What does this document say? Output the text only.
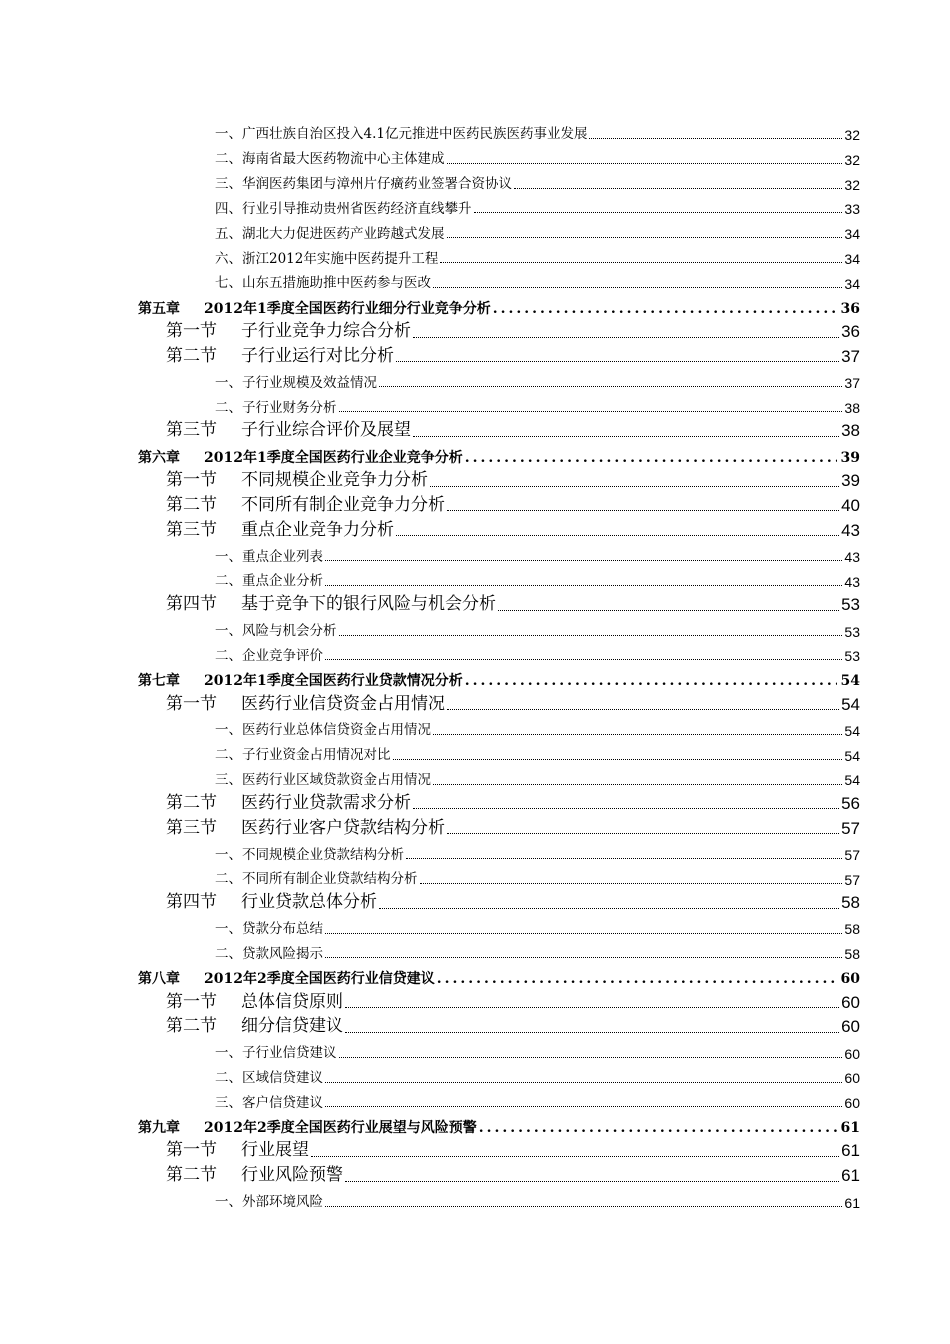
一、广西壮族自治区投入4.1亿元推进中医药民族医药事业发展	32
二、海南省最大医药物流中心主体建成	32
三、华润医药集团与漳州片仔癀药业签署合资协议	32
四、行业引导推动贵州省医药经济直线攀升	33
五、湖北大力促进医药产业跨越式发展	34
六、浙江2012年实施中医药提升工程	34
七、山东五措施助推中医药参与医改	34
第五章 2012年1季度全国医药行业细分行业竞争分析 .....	36
第一节 子行业竞争力综合分析	36
第二节 子行业运行对比分析	37
一、子行业规模及效益情况	37
二、子行业财务分析	38
第三节 子行业综合评价及展望	38
第六章 2012年1季度全国医药行业企业竞争分析 .....	39
第一节 不同规模企业竞争力分析	39
第二节 不同所有制企业竞争力分析	40
第三节 重点企业竞争力分析	43
一、重点企业列表	43
二、重点企业分析	43
第四节 基于竞争下的银行风险与机会分析	53
一、风险与机会分析	53
二、企业竞争评价	53
第七章 2012年1季度全国医药行业贷款情况分析 .....	54
第一节 医药行业信贷资金占用情况	54
一、医药行业总体信贷资金占用情况	54
二、子行业资金占用情况对比	54
三、医药行业区域贷款资金占用情况	54
第二节 医药行业贷款需求分析	56
第三节 医药行业客户贷款结构分析	57
一、不同规模企业贷款结构分析	57
二、不同所有制企业贷款结构分析	57
第四节 行业贷款总体分析	58
一、贷款分布总结	58
二、贷款风险揭示	58
第八章 2012年2季度全国医药行业信贷建议 .....	60
第一节 总体信贷原则	60
第二节 细分信贷建议	60
一、子行业信贷建议	60
二、区域信贷建议	60
三、客户信贷建议	60
第九章 2012年2季度全国医药行业展望与风险预警 .....	61
第一节 行业展望	61
第二节 行业风险预警	61
一、外部环境风险	61
